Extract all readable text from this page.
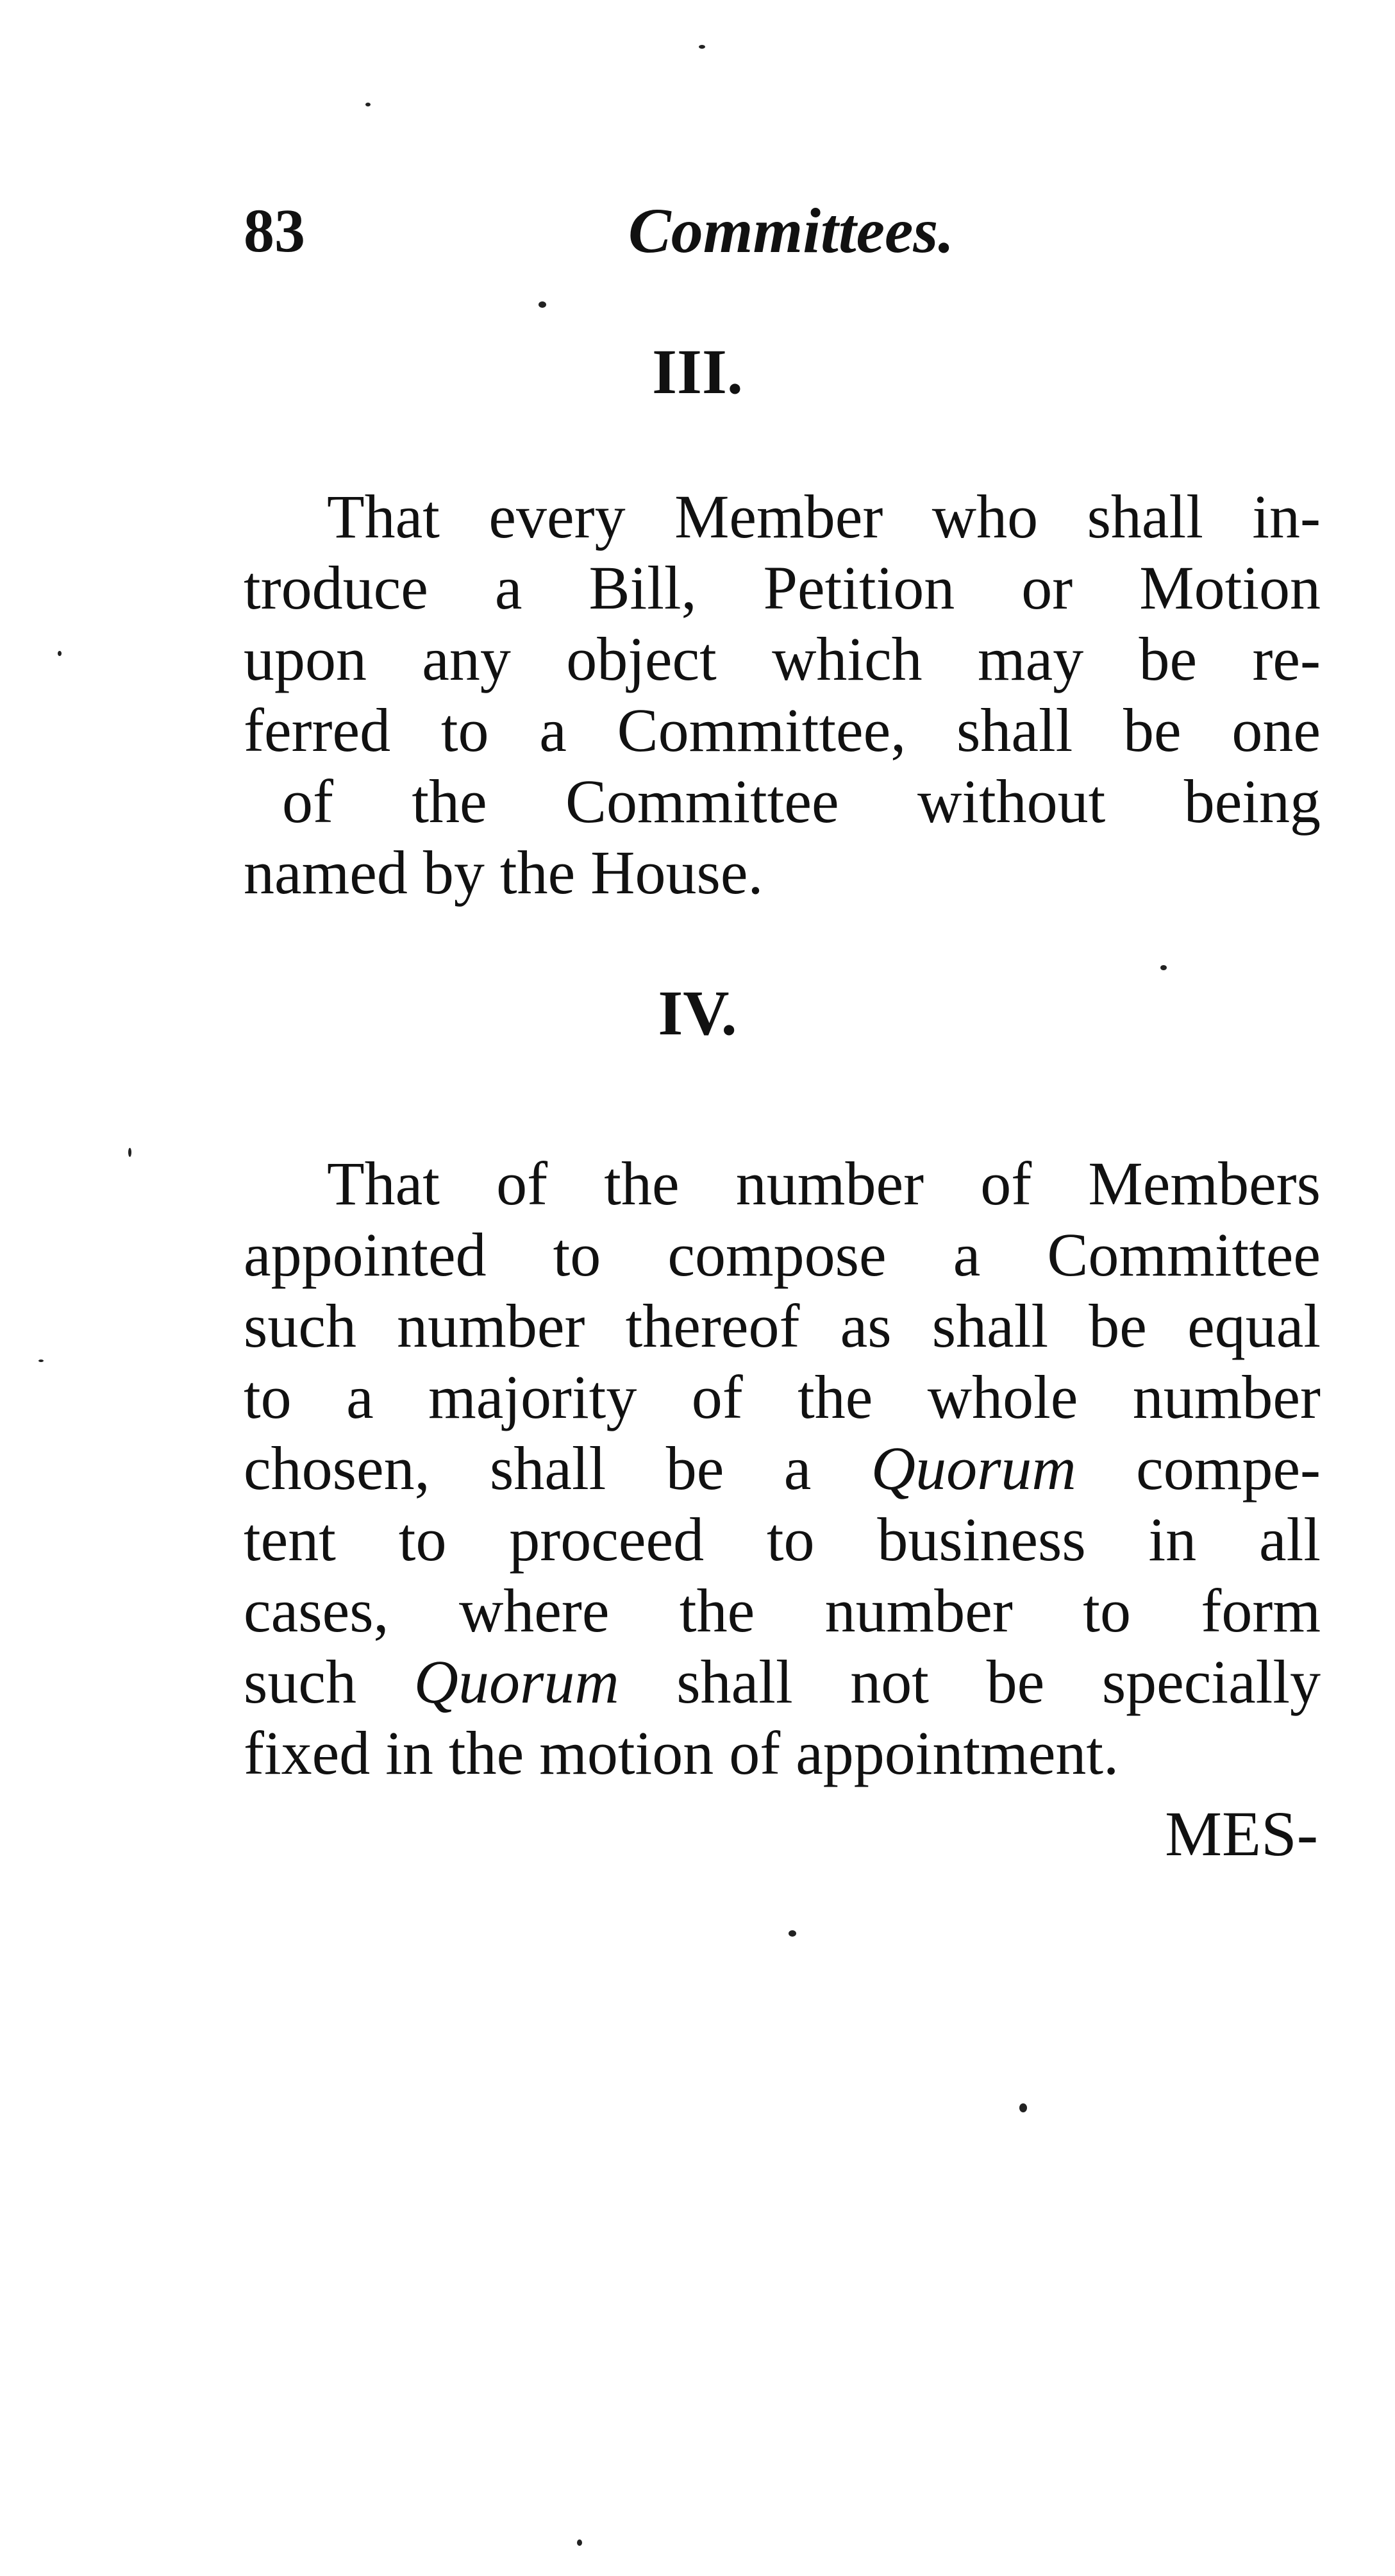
83	Committees.
III.
That every Member who shall in-
troduce a Bill, Petition or Motion
upon any object which may be re-
ferred to a Committee, shall be one
of the Committee without being
named by the House.
IV.
That of the number of Members
appointed to compose a Committee
such number thereof as shall be equal
to a majority of the whole number
chosen, shall be a Quorum compe-
tent to proceed to business in all
cases, where the number to form
such Quorum shall not be specially
fixed in the motion of appointment.
MES-
